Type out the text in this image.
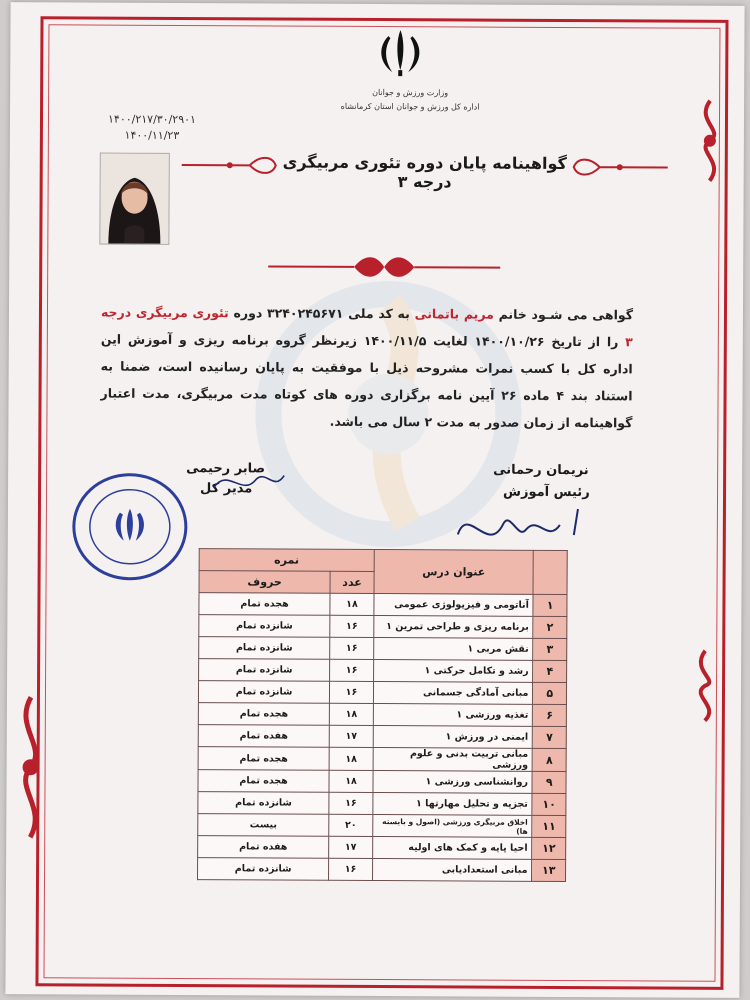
وزارت ورزش و جوانان
اداره کل ورزش و جوانان استان کرمانشاه
۱۴۰۰/۲۱۷/۳۰/۲۹۰۱
۱۴۰۰/۱۱/۲۳
گواهینامه پایان دوره تئوری مربیگری درجه ۳
گواهی می شـود خانم مریم باتمانی به کد ملی ۳۲۴۰۲۴۵۶۷۱ دوره تئوری مربیگری درجه ۳ را از تاریخ ۱۴۰۰/۱۰/۲۶ لغایت ۱۴۰۰/۱۱/۵ زیرنظر گروه برنامه ریزی و آموزش این اداره کل با کسب نمرات مشروحه ذیل با موفقیت به پایان رسانیده است، ضمنا به استناد بند ۴ ماده ۲۶ آیین نامه برگزاری دوره های کوتاه مدت مربیگری، مدت اعتبار گواهینامه از زمان صدور به مدت ۲ سال می باشد.
نریمان رحمانی
رئیس آموزش
صابر رحیمی
مدیر کل
	عنوان درس	نمره	
		عدد	حروف
۱	آناتومی و فیزیولوژی عمومی	۱۸	هجده تمام
۲	برنامه ریزی و طراحی تمرین ۱	۱۶	شانزده تمام
۳	نقش مربی ۱	۱۶	شانزده تمام
۴	رشد و تکامل حرکتی ۱	۱۶	شانزده تمام
۵	مبانی آمادگی جسمانی	۱۶	شانزده تمام
۶	تغذیه ورزشی ۱	۱۸	هجده تمام
۷	ایمنی در ورزش ۱	۱۷	هفده تمام
۸	مبانی تربیت بدنی و علوم ورزشی	۱۸	هجده تمام
۹	روانشناسی ورزشی ۱	۱۸	هجده تمام
۱۰	تجزیه و تحلیل مهارتها ۱	۱۶	شانزده تمام
۱۱	اخلاق مربیگری ورزشی (اصول و بایسته ها)	۲۰	بیست
۱۲	احیا پایه و کمک های اولیه	۱۷	هفده تمام
۱۳	مبانی استعدادیابی	۱۶	شانزده تمام
